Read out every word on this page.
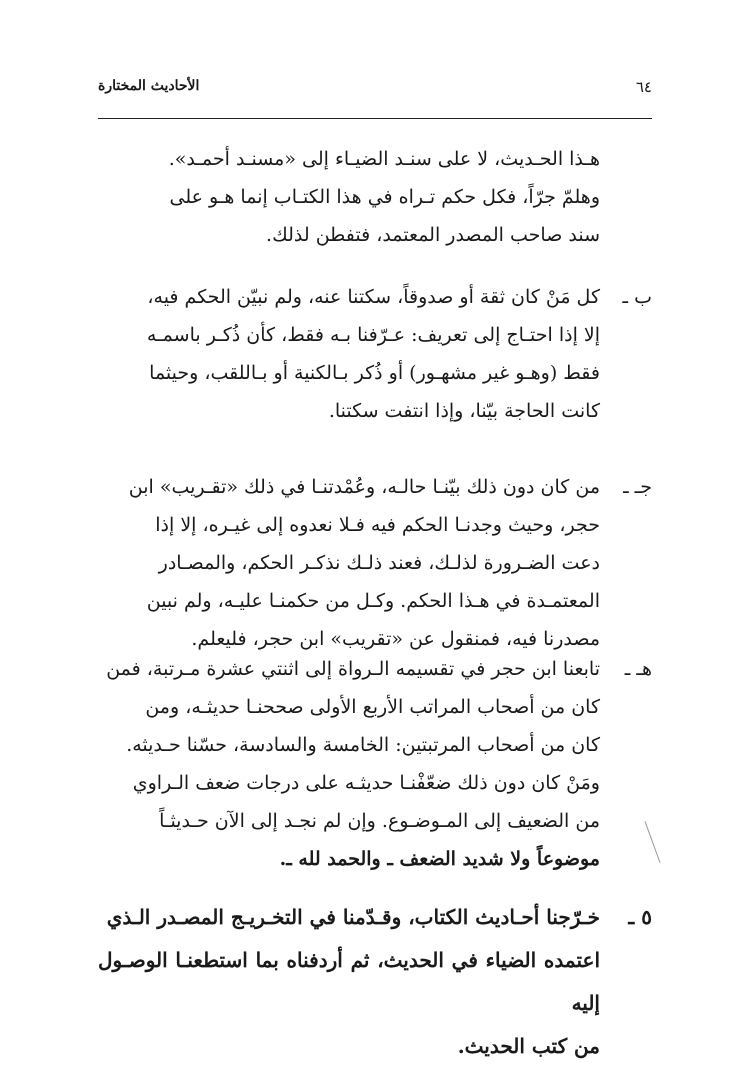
٦٤
الأحاديث المختارة
هـذا الحـديث، لا على سنـد الضيـاء إلى «مسنـد أحمـد».
وهلمّ جرّاً، فكل حكم تـراه في هذا الكتـاب إنما هـو على
سند صاحب المصدر المعتمد، فتفطن لذلك.
ب ـ
كل مَنْ كان ثقة أو صدوقاً، سكتنا عنه، ولم نبيّن الحكم فيه،
إلا إذا احتـاج إلى تعريف: عـرّفنا بـه فقط، كأن ذُكـر باسمـه
فقط (وهـو غير مشهـور) أو ذُكر بـالكنية أو بـاللقب، وحيثما
كانت الحاجة بيّنا، وإذا انتفت سكتنا.
جـ ـ
من كان دون ذلك بيّنـا حالـه، وعُمْدتنـا في ذلك «تقـريب» ابن
حجر، وحيث وجدنـا الحكم فيه فـلا نعدوه إلى غيـره، إلا إذا
دعت الضـرورة لذلـك، فعند ذلـك نذكـر الحكم، والمصـادر
المعتمـدة في هـذا الحكم. وكـل من حكمنـا عليـه، ولم نبين
مصدرنا فيه، فمنقول عن «تقريب» ابن حجر، فليعلم.
هـ ـ
تابعنا ابن حجر في تقسيمه الـرواة إلى اثنتي عشرة مـرتبة، فمن
كان من أصحاب المراتب الأربع الأولى صححنـا حديثـه، ومن
كان من أصحاب المرتبتين: الخامسة والسادسة، حسّنا حـديثه.
ومَنْ كان دون ذلك ضعّفْنـا حديثـه على درجات ضعف الـراوي
من الضعيف إلى المـوضـوع. وإن لم نجـد إلى الآن حـديثـاً
موضوعاً ولا شديد الضعف ـ والحمد لله ـ.
٥ ـ
خـرّجنا أحـاديث الكتاب، وقـدّمنا في التخـريـج المصـدر الـذي
اعتمده الضياء في الحديث، ثم أردفناه بما استطعنـا الوصـول إليه
من كتب الحديث.
